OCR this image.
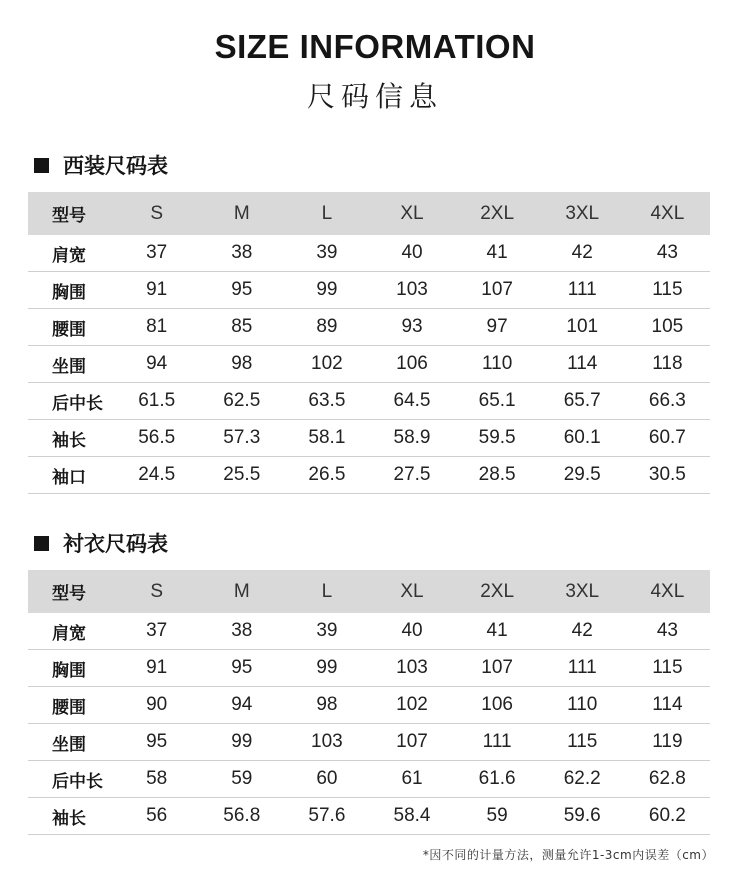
SIZE INFORMATION
尺码信息
西装尺码表
型号	S	M	L	XL	2XL	3XL	4XL
肩宽	37	38	39	40	41	42	43
胸围	91	95	99	103	107	111	115
腰围	81	85	89	93	97	101	105
坐围	94	98	102	106	110	114	118
后中长	61.5	62.5	63.5	64.5	65.1	65.7	66.3
袖长	56.5	57.3	58.1	58.9	59.5	60.1	60.7
袖口	24.5	25.5	26.5	27.5	28.5	29.5	30.5
衬衣尺码表
型号	S	M	L	XL	2XL	3XL	4XL
肩宽	37	38	39	40	41	42	43
胸围	91	95	99	103	107	111	115
腰围	90	94	98	102	106	110	114
坐围	95	99	103	107	111	115	119
后中长	58	59	60	61	61.6	62.2	62.8
袖长	56	56.8	57.6	58.4	59	59.6	60.2
*因不同的计量方法，测量允许1-3cm内误差（cm）
